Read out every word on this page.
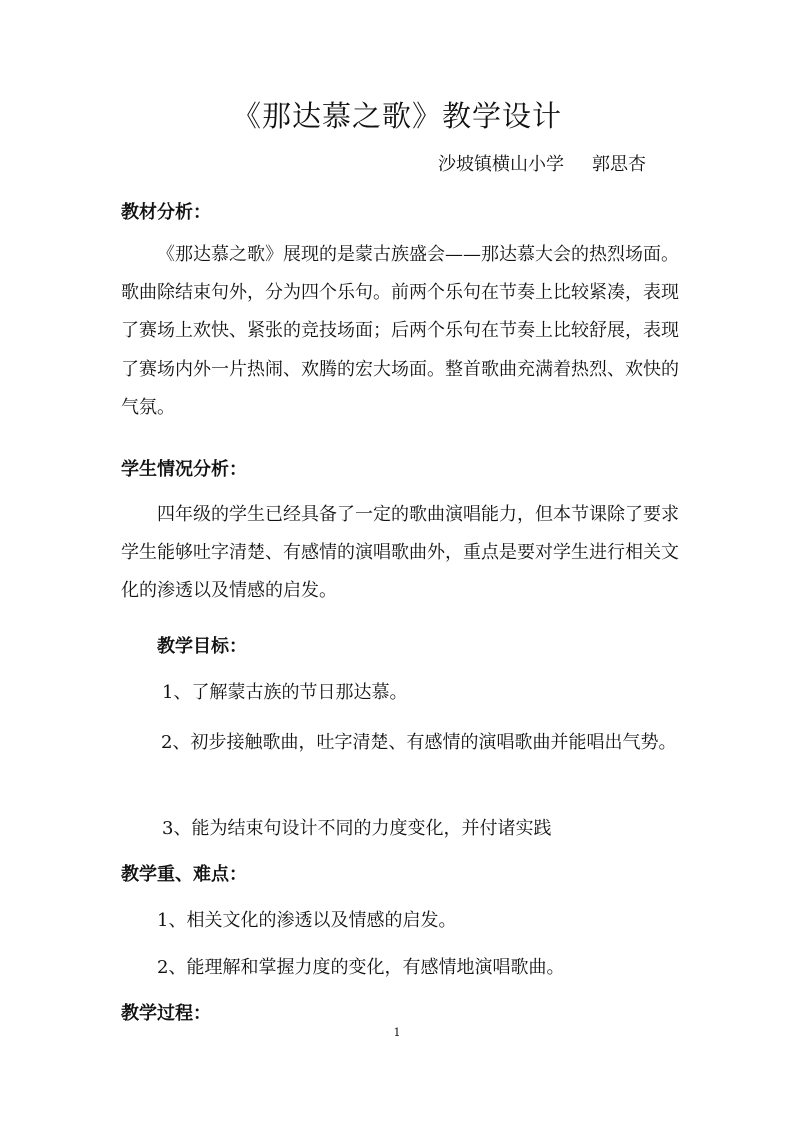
《那达慕之歌》教学设计
沙坡镇横山小学 郭思杏
教材分析：

《那达慕之歌》展现的是蒙古族盛会——那达慕大会的热烈场面。歌曲除结束句外，分为四个乐句。前两个乐句在节奏上比较紧凑，表现了赛场上欢快、紧张的竞技场面；后两个乐句在节奏上比较舒展，表现了赛场内外一片热闹、欢腾的宏大场面。整首歌曲充满着热烈、欢快的气氛。

学生情况分析：

四年级的学生已经具备了一定的歌曲演唱能力，但本节课除了要求学生能够吐字清楚、有感情的演唱歌曲外，重点是要对学生进行相关文化的渗透以及情感的启发。

教学目标：
1、了解蒙古族的节日那达慕。

2、初步接触歌曲，吐字清楚、有感情的演唱歌曲并能唱出气势。

3、能为结束句设计不同的力度变化，并付诸实践
教学重、难点：
1、相关文化的渗透以及情感的启发。
2、能理解和掌握力度的变化，有感情地演唱歌曲。
教学过程：
1
